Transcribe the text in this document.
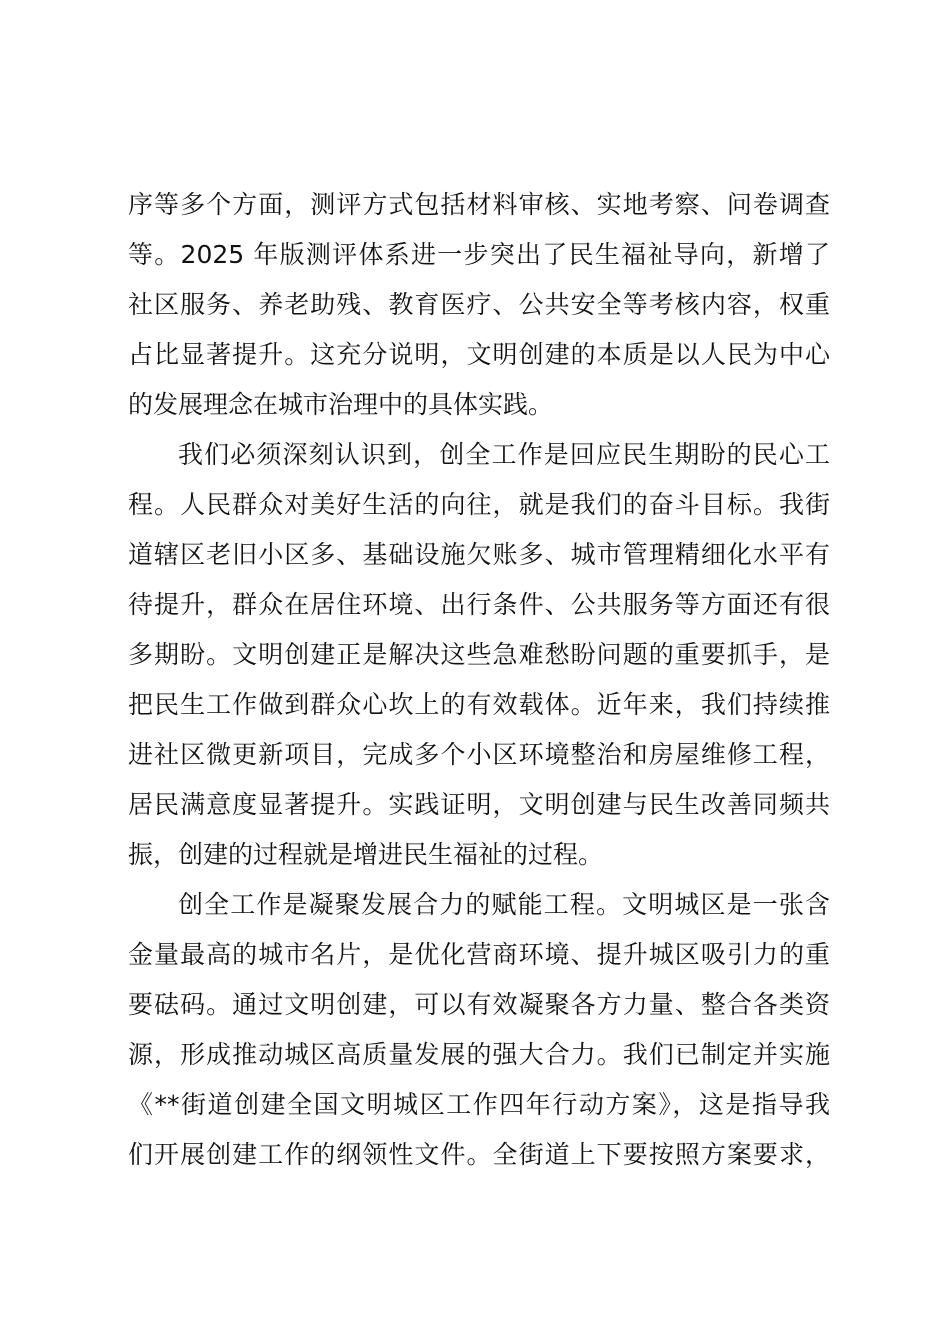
序等多个方面，测评方式包括材料审核、实地考察、问卷调查
等。2025 年版测评体系进一步突出了民生福祉导向，新增了
社区服务、养老助残、教育医疗、公共安全等考核内容，权重
占比显著提升。这充分说明，文明创建的本质是以人民为中心
的发展理念在城市治理中的具体实践。
我们必须深刻认识到，创全工作是回应民生期盼的民心工
程。人民群众对美好生活的向往，就是我们的奋斗目标。我街
道辖区老旧小区多、基础设施欠账多、城市管理精细化水平有
待提升，群众在居住环境、出行条件、公共服务等方面还有很
多期盼。文明创建正是解决这些急难愁盼问题的重要抓手，是
把民生工作做到群众心坎上的有效载体。近年来，我们持续推
进社区微更新项目，完成多个小区环境整治和房屋维修工程，
居民满意度显著提升。实践证明，文明创建与民生改善同频共
振，创建的过程就是增进民生福祉的过程。
创全工作是凝聚发展合力的赋能工程。文明城区是一张含
金量最高的城市名片，是优化营商环境、提升城区吸引力的重
要砝码。通过文明创建，可以有效凝聚各方力量、整合各类资
源，形成推动城区高质量发展的强大合力。我们已制定并实施
《**街道创建全国文明城区工作四年行动方案》，这是指导我
们开展创建工作的纲领性文件。全街道上下要按照方案要求，
